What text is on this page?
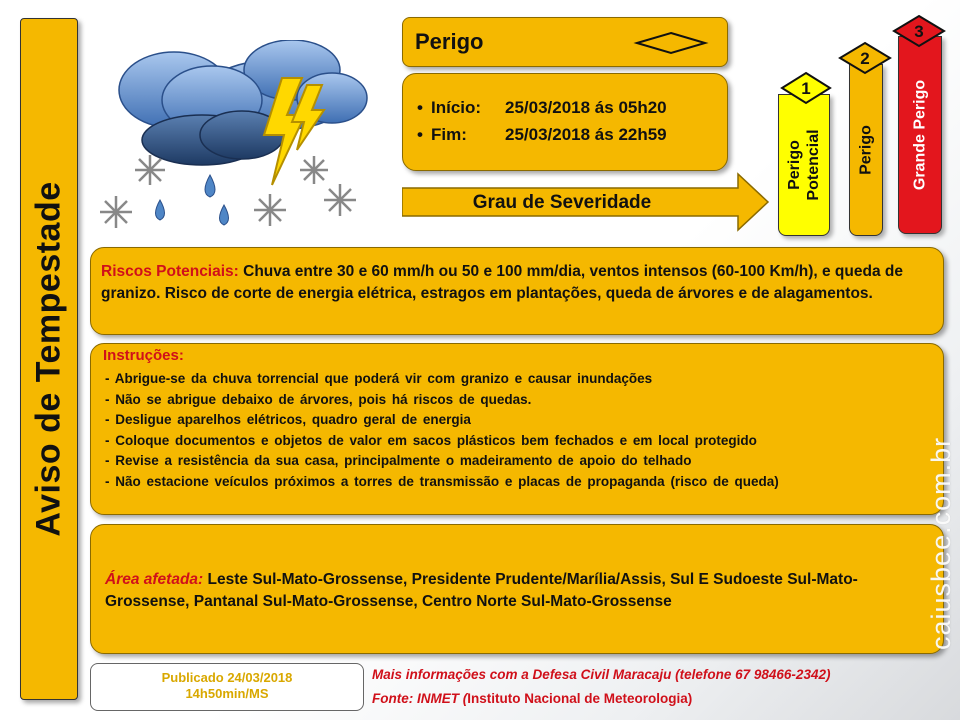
Aviso de Tempestade
Perigo
• Início: 25/03/2018 ás 05h20
• Fim: 25/03/2018 ás 22h59
Grau de Severidade
Perigo Potencial
1
Perigo
2
Grande Perigo
3

Riscos Potenciais: Chuva entre 30 e 60 mm/h ou 50 e 100 mm/dia, ventos intensos (60-100 Km/h), e queda de granizo. Risco de corte de energia elétrica, estragos em plantações, queda de árvores e de alagamentos.

Instruções:
- Abrigue-se da chuva torrencial que poderá vir com granizo e causar inundações
- Não se abrigue debaixo de árvores, pois há riscos de quedas.
- Desligue aparelhos elétricos, quadro geral de energia
- Coloque documentos e objetos de valor em sacos plásticos bem fechados e em local protegido
- Revise a resistência da sua casa, principalmente o madeiramento de apoio do telhado
- Não estacione veículos próximos a torres de transmissão e placas de propaganda (risco de queda)

Área afetada: Leste Sul-Mato-Grossense, Presidente Prudente/Marília/Assis, Sul E Sudoeste Sul-Mato-Grossense, Pantanal Sul-Mato-Grossense, Centro Norte Sul-Mato-Grossense

Publicado 24/03/2018
14h50min/MS
Mais informações com a Defesa Civil Maracaju (telefone 67 98466-2342)
Fonte: INMET (Instituto Nacional de Meteorologia)
caiusbee.com.br
